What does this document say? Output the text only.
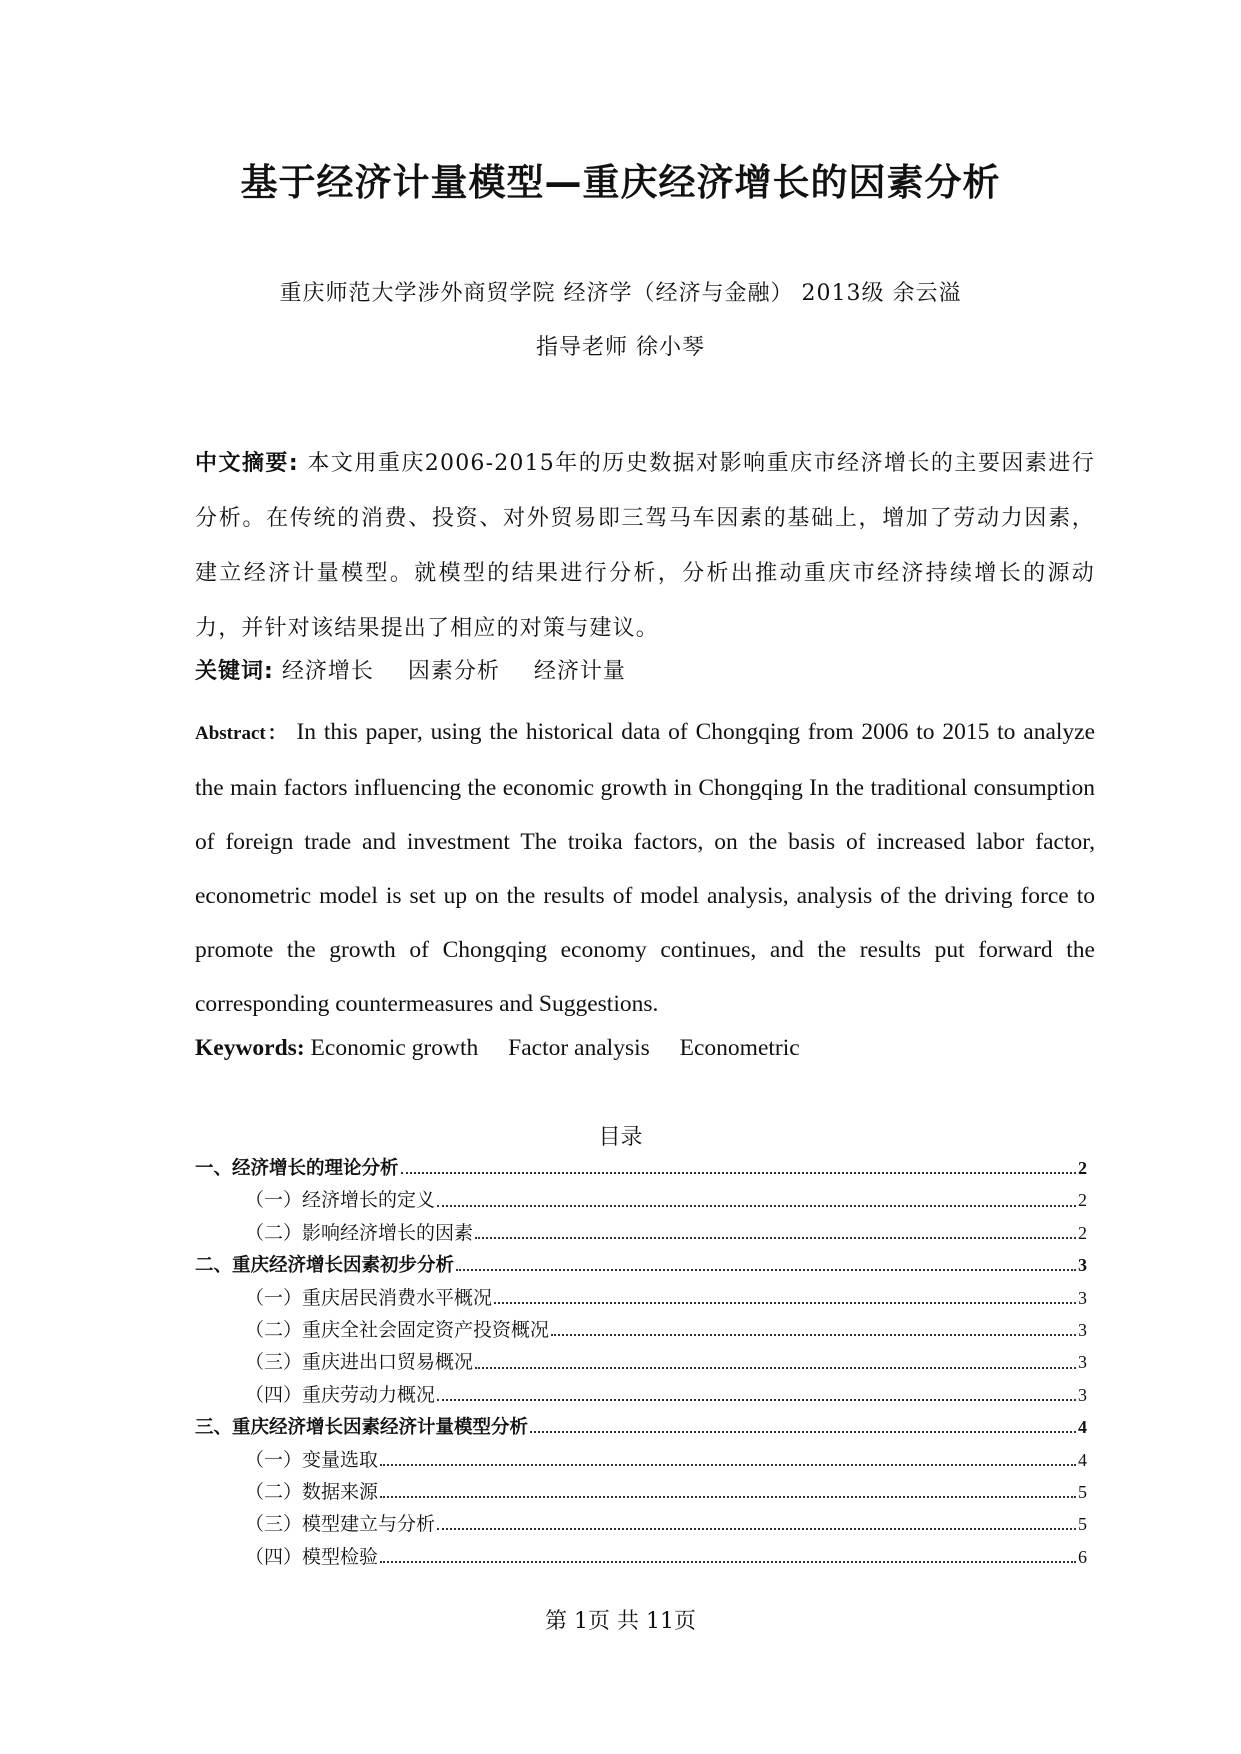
基于经济计量模型—重庆经济增长的因素分析
重庆师范大学涉外商贸学院 经济学（经济与金融） 2013级 余云溢
指导老师 徐小琴
中文摘要: 本文用重庆2006-2015年的历史数据对影响重庆市经济增长的主要因素进行分析。在传统的消费、投资、对外贸易即三驾马车因素的基础上，增加了劳动力因素，建立经济计量模型。就模型的结果进行分析，分析出推动重庆市经济持续增长的源动力，并针对该结果提出了相应的对策与建议。
关键词: 经济增长 因素分析 经济计量
Abstract： In this paper, using the historical data of Chongqing from 2006 to 2015 to analyze the main factors influencing the economic growth in Chongqing In the traditional consumption of foreign trade and investment The troika factors, on the basis of increased labor factor, econometric model is set up on the results of model analysis, analysis of the driving force to promote the growth of Chongqing economy continues, and the results put forward the corresponding countermeasures and Suggestions.
Keywords: Economic growth Factor analysis Econometric
目录
一、经济增长的理论分析	2
（一）经济增长的定义	2
（二）影响经济增长的因素	2
二、重庆经济增长因素初步分析	3
（一）重庆居民消费水平概况	3
（二）重庆全社会固定资产投资概况	3
（三）重庆进出口贸易概况	3
（四）重庆劳动力概况	3
三、重庆经济增长因素经济计量模型分析	4
（一）变量选取	4
（二）数据来源	5
（三）模型建立与分析	5
（四）模型检验	6
第 1页 共 11页
